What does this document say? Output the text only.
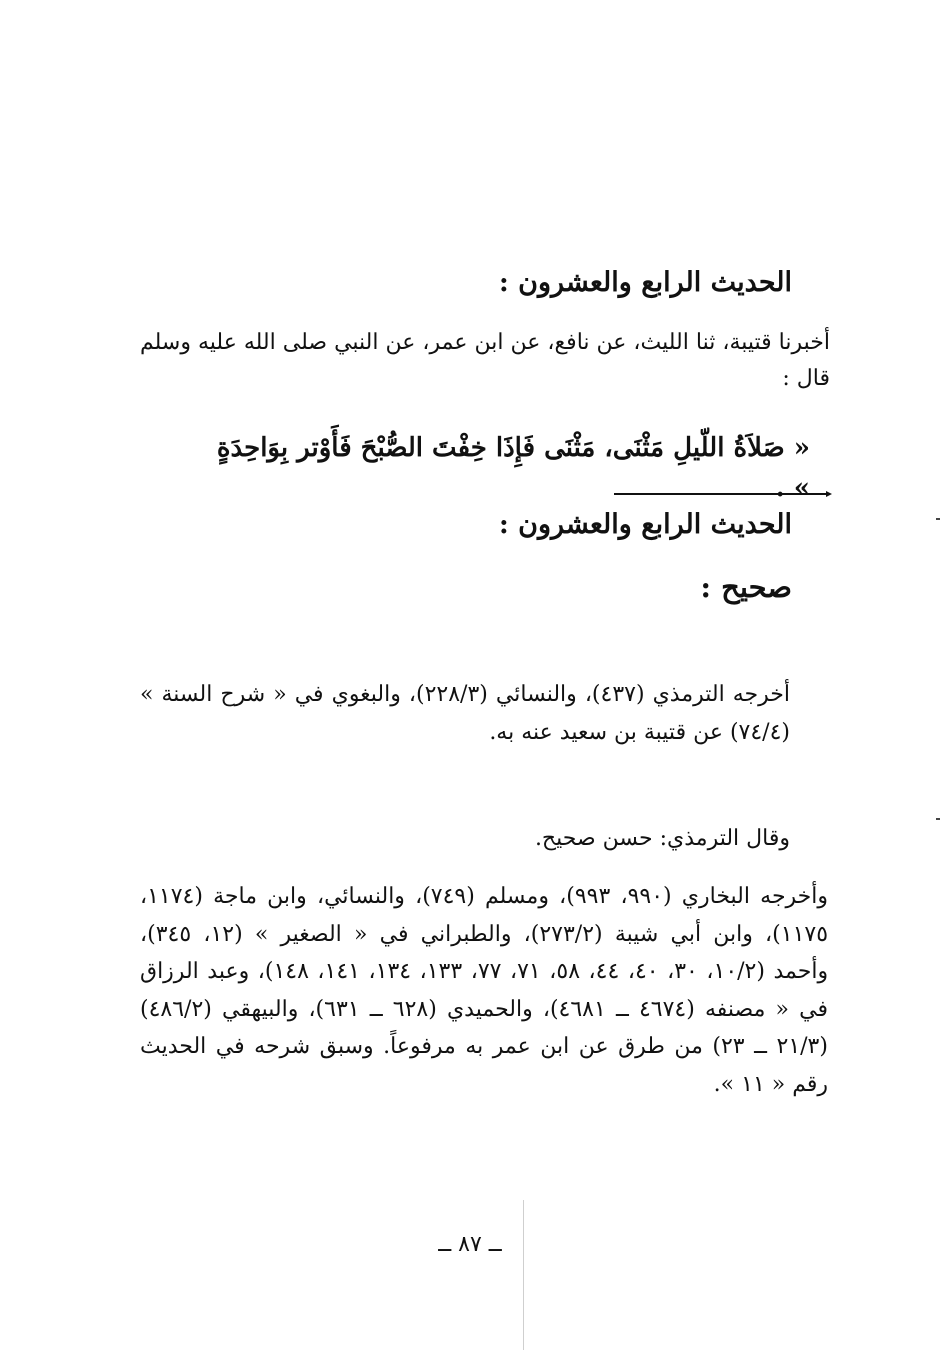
الحديث الرابع والعشرون :
أخبرنا قتيبة، ثنا الليث، عن نافع، عن ابن عمر، عن النبي صلى الله عليه وسلم قال :
« صَلاَةُ اللّيلِ مَثْنَى، مَثْنَى فَإِذَا خِفْتَ الصُّبْحَ فَأَوْتر بِوَاحِدَةٍ » .
الحديث الرابع والعشرون :
صحيح :
أخرجه الترمذي (٤٣٧)، والنسائي (٢٢٨/٣)، والبغوي في « شرح السنة » (٧٤/٤) عن قتيبة بن سعيد عنه به.
وقال الترمذي: حسن صحيح.
وأخرجه البخاري (٩٩٠، ٩٩٣)، ومسلم (٧٤٩)، والنسائي، وابن ماجة (١١٧٤، ١١٧٥)، وابن أبي شيبة (٢٧٣/٢)، والطبراني في « الصغير » (١٢، ٣٤٥)، وأحمد (١٠/٢، ٣٠، ٤٠، ٤٤، ٥٨، ٧١، ٧٧، ١٣٣، ١٣٤، ١٤١، ١٤٨)، وعبد الرزاق في « مصنفه (٤٦٧٤ ــ ٤٦٨١)، والحميدي (٦٢٨ ــ ٦٣١)، والبيهقي (٤٨٦/٢) (٢١/٣ ــ ٢٣) من طرق عن ابن عمر به مرفوعاً. وسبق شرحه في الحديث رقم « ١١ ».
ــ ٨٧ ــ
